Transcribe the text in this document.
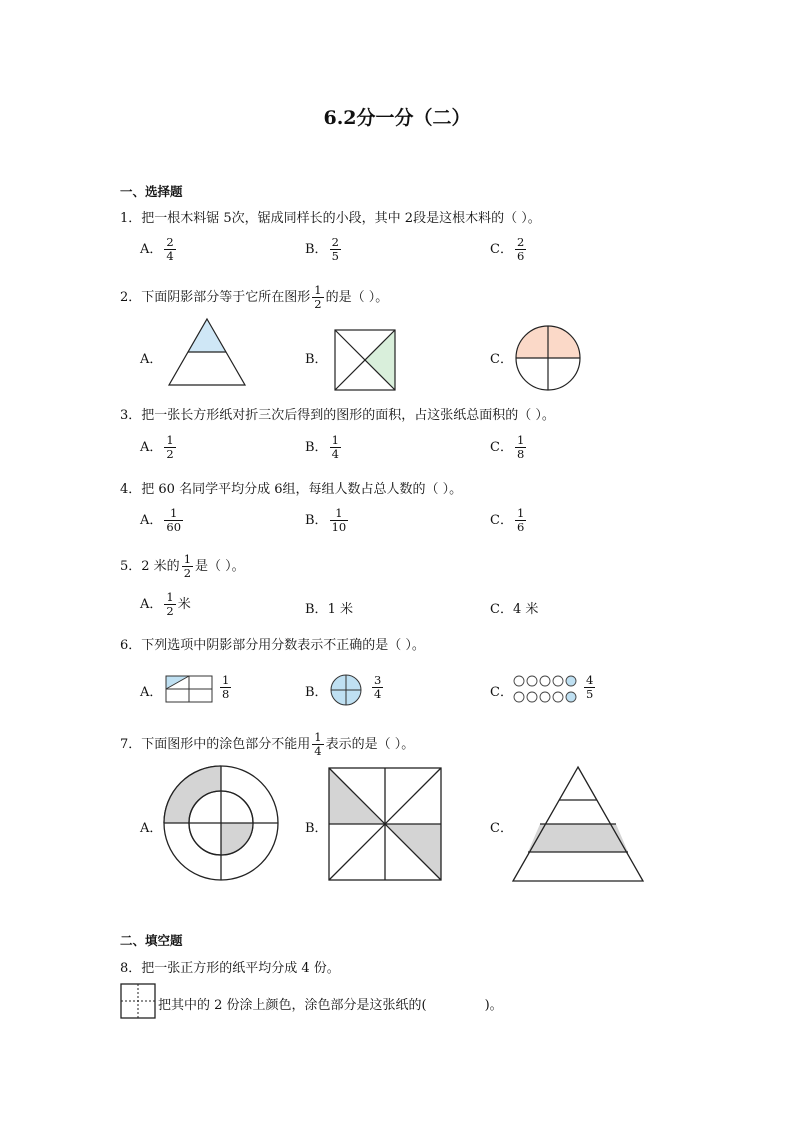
6.2分一分（二）
一、选择题
1．把一根木料锯 5次，锯成同样长的小段，其中 2段是这根木料的（ ）。
A． $\frac{2}{4}$	B． $\frac{2}{5}$	C． $\frac{2}{6}$
2．下面阴影部分等于它所在图形 $\frac{1}{2}$ 的是（ ）。
A．	B．	C．
3．把一张长方形纸对折三次后得到的图形的面积，占这张纸总面积的（ ）。
A． $\frac{1}{2}$	B． $\frac{1}{4}$	C． $\frac{1}{8}$
4．把 60 名同学平均分成 6组，每组人数占总人数的（ ）。
A． $\frac{1}{60}$	B． $\frac{1}{10}$	C． $\frac{1}{6}$
5．2 米的 $\frac{1}{2}$ 是（ ）。
A． $\frac{1}{2}$ 米	B．1 米	C．4 米
6．下列选项中阴影部分用分数表示不正确的是（ ）。
A．	$\frac{1}{8}$	B．	$\frac{3}{4}$	C．	$\frac{4}{5}$
7．下面图形中的涂色部分不能用 $\frac{1}{4}$ 表示的是（ ）。
A．	B．	C．
二、填空题
8．把一张正方形的纸平均分成 4 份。
把其中的 2 份涂上颜色，涂色部分是这张纸的(	)。
